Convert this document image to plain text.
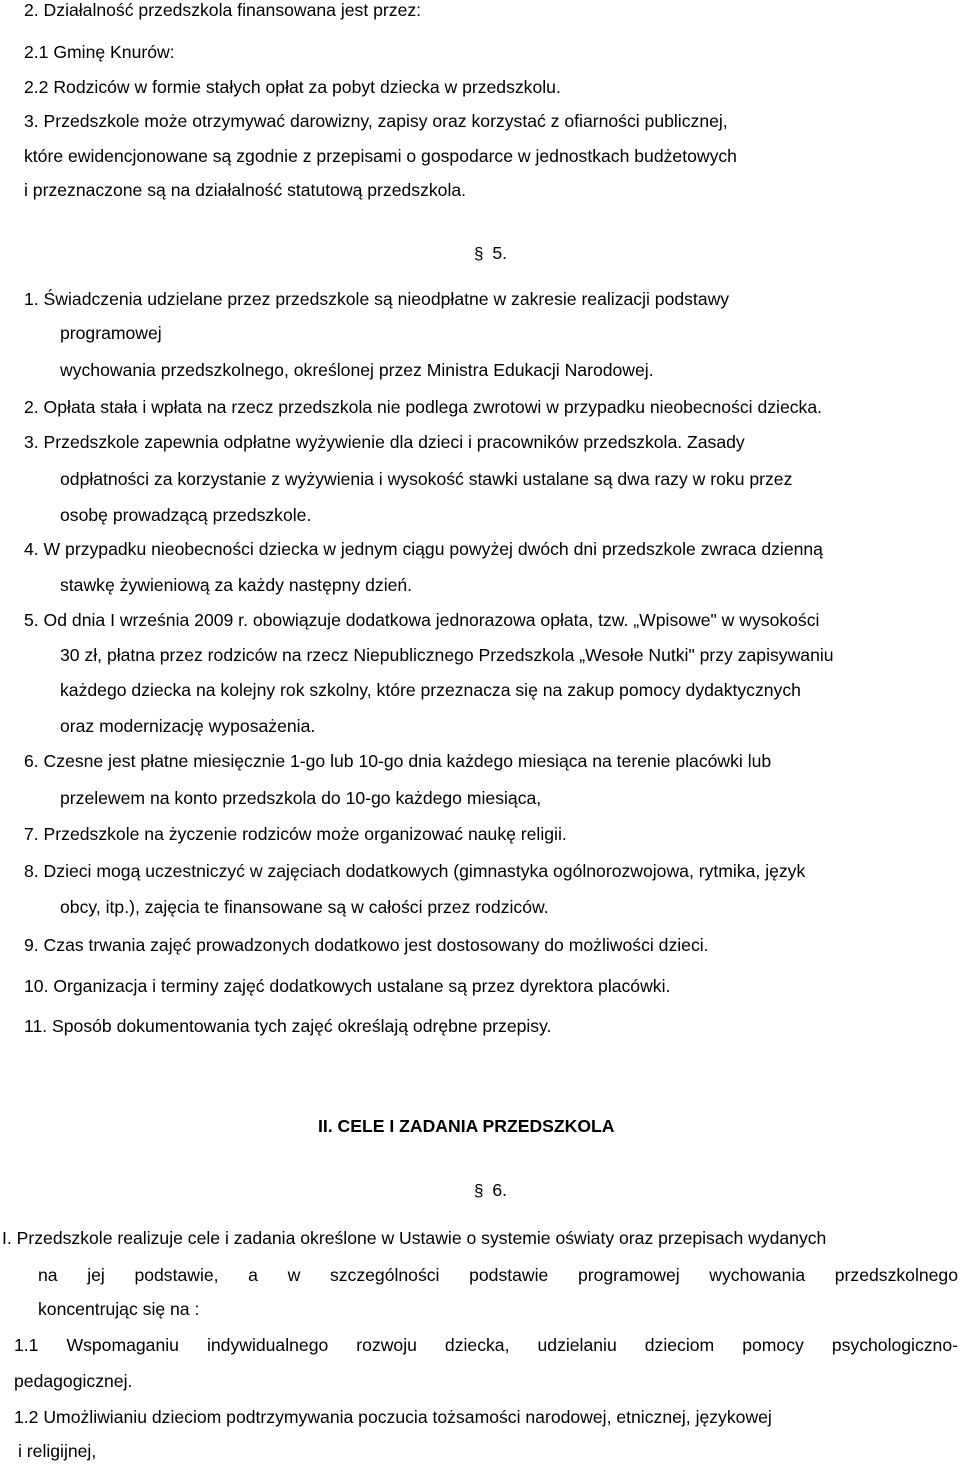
2. Działalność przedszkola finansowana jest przez:
2.1 Gminę Knurów:
2.2 Rodziców w formie stałych opłat za pobyt dziecka w przedszkolu.
3. Przedszkole może otrzymywać darowizny, zapisy oraz korzystać z ofiarności publicznej,
które ewidencjonowane są zgodnie z przepisami o gospodarce w jednostkach budżetowych
i przeznaczone są na działalność statutową przedszkola.
§ 5.
1. Świadczenia udzielane przez przedszkole są nieodpłatne w zakresie realizacji podstawy
programowej
wychowania przedszkolnego, określonej przez Ministra Edukacji Narodowej.
2. Opłata stała i wpłata na rzecz przedszkola nie podlega zwrotowi w przypadku nieobecności dziecka.
3. Przedszkole zapewnia odpłatne wyżywienie dla dzieci i pracowników przedszkola. Zasady
odpłatności za korzystanie z wyżywienia i wysokość stawki ustalane są dwa razy w roku przez
osobę prowadzącą przedszkole.
4. W przypadku nieobecności dziecka w jednym ciągu powyżej dwóch dni przedszkole zwraca dzienną
stawkę żywieniową za każdy następny dzień.
5. Od dnia I września 2009 r. obowiązuje dodatkowa jednorazowa opłata, tzw. „Wpisowe" w wysokości
30 zł, płatna przez rodziców na rzecz Niepublicznego Przedszkola „Wesołe Nutki" przy zapisywaniu
każdego dziecka na kolejny rok szkolny, które przeznacza się na zakup pomocy dydaktycznych
oraz modernizację wyposażenia.
6. Czesne jest płatne miesięcznie 1-go lub 10-go dnia każdego miesiąca na terenie placówki lub
przelewem na konto przedszkola do 10-go każdego miesiąca,
7. Przedszkole na życzenie rodziców może organizować naukę religii.
8. Dzieci mogą uczestniczyć w zajęciach dodatkowych (gimnastyka ogólnorozwojowa, rytmika, język
obcy, itp.), zajęcia te finansowane są w całości przez rodziców.
9. Czas trwania zajęć prowadzonych dodatkowo jest dostosowany do możliwości dzieci.
10. Organizacja i terminy zajęć dodatkowych ustalane są przez dyrektora placówki.
11. Sposób dokumentowania tych zajęć określają odrębne przepisy.
II. CELE I ZADANIA PRZEDSZKOLA
§ 6.
I. Przedszkole realizuje cele i zadania określone w Ustawie o systemie oświaty oraz przepisach wydanych
na jej podstawie, a w szczególności podstawie programowej wychowania przedszkolnego
koncentrując się na :
1.1 Wspomaganiu indywidualnego rozwoju dziecka, udzielaniu dzieciom pomocy psychologiczno-
pedagogicznej.
1.2 Umożliwianiu dzieciom podtrzymywania poczucia tożsamości narodowej, etnicznej, językowej
i religijnej,
